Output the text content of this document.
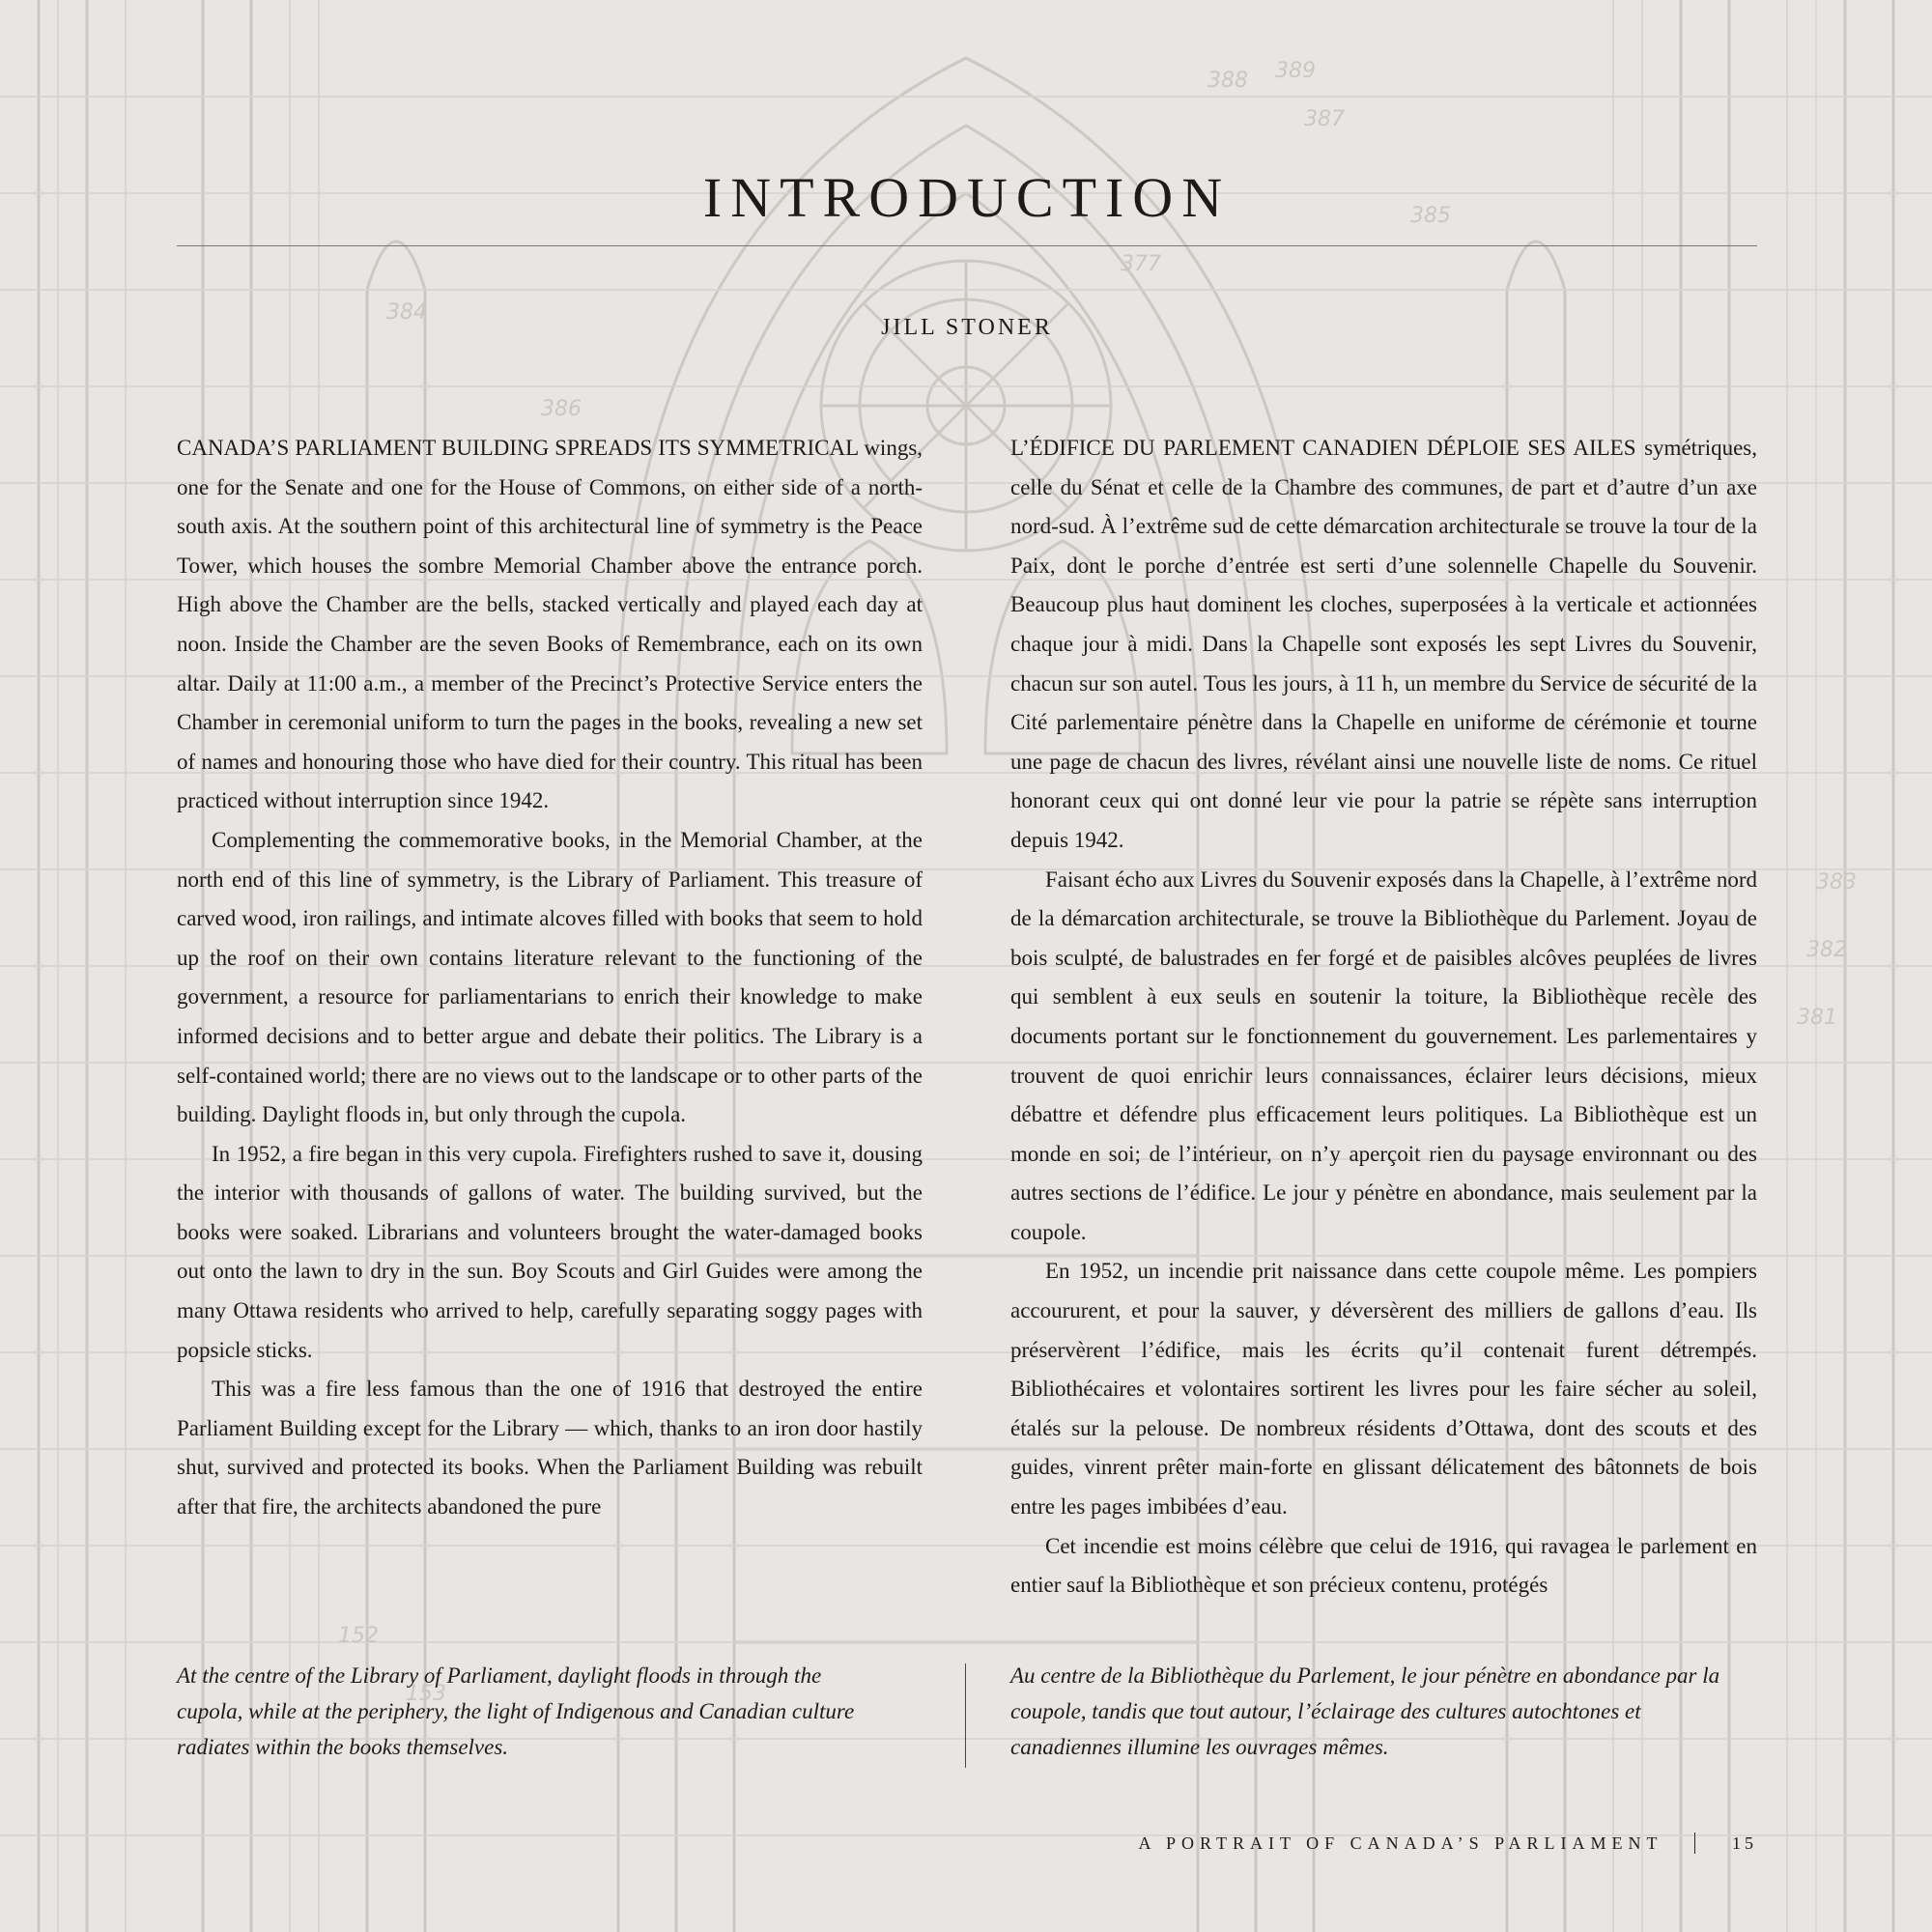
388 389
387
385
384
386
377
383
382
381
152
153
INTRODUCTION
JILL STONER

CANADA’S PARLIAMENT BUILDING SPREADS ITS SYMMETRICAL wings, one for the Senate and one for the House of Commons, on either side of a north-south axis. At the southern point of this architectural line of symmetry is the Peace Tower, which houses the sombre Memorial Chamber above the entrance porch. High above the Chamber are the bells, stacked vertically and played each day at noon. Inside the Chamber are the seven Books of Remembrance, each on its own altar. Daily at 11:00 a.m., a member of the Precinct’s Protective Service enters the Chamber in ceremonial uniform to turn the pages in the books, revealing a new set of names and honouring those who have died for their country. This ritual has been practiced without interruption since 1942.

Complementing the commemorative books, in the Memorial Chamber, at the north end of this line of symmetry, is the Library of Parliament. This treasure of carved wood, iron railings, and intimate alcoves filled with books that seem to hold up the roof on their own contains literature relevant to the functioning of the government, a resource for parliamentarians to enrich their knowledge to make informed decisions and to better argue and debate their politics. The Library is a self-contained world; there are no views out to the landscape or to other parts of the building. Daylight floods in, but only through the cupola.

In 1952, a fire began in this very cupola. Firefighters rushed to save it, dousing the interior with thousands of gallons of water. The building survived, but the books were soaked. Librarians and volunteers brought the water-damaged books out onto the lawn to dry in the sun. Boy Scouts and Girl Guides were among the many Ottawa residents who arrived to help, carefully separating soggy pages with popsicle sticks.

This was a fire less famous than the one of 1916 that destroyed the entire Parliament Building except for the Library — which, thanks to an iron door hastily shut, survived and protected its books. When the Parliament Building was rebuilt after that fire, the architects abandoned the pure

L’ÉDIFICE DU PARLEMENT CANADIEN DÉPLOIE SES AILES symétriques, celle du Sénat et celle de la Chambre des communes, de part et d’autre d’un axe nord-sud. À l’extrême sud de cette démarcation architecturale se trouve la tour de la Paix, dont le porche d’entrée est serti d’une solennelle Chapelle du Souvenir. Beaucoup plus haut dominent les cloches, superposées à la verticale et actionnées chaque jour à midi. Dans la Chapelle sont exposés les sept Livres du Souvenir, chacun sur son autel. Tous les jours, à 11 h, un membre du Service de sécurité de la Cité parlementaire pénètre dans la Chapelle en uniforme de cérémonie et tourne une page de chacun des livres, révélant ainsi une nouvelle liste de noms. Ce rituel honorant ceux qui ont donné leur vie pour la patrie se répète sans interruption depuis 1942.

Faisant écho aux Livres du Souvenir exposés dans la Chapelle, à l’extrême nord de la démarcation architecturale, se trouve la Bibliothèque du Parlement. Joyau de bois sculpté, de balustrades en fer forgé et de paisibles alcôves peuplées de livres qui semblent à eux seuls en soutenir la toiture, la Bibliothèque recèle des documents portant sur le fonctionnement du gouvernement. Les parlementaires y trouvent de quoi enrichir leurs connaissances, éclairer leurs décisions, mieux débattre et défendre plus efficacement leurs politiques. La Bibliothèque est un monde en soi; de l’intérieur, on n’y aperçoit rien du paysage environnant ou des autres sections de l’édifice. Le jour y pénètre en abondance, mais seulement par la coupole.

En 1952, un incendie prit naissance dans cette coupole même. Les pompiers accoururent, et pour la sauver, y déversèrent des milliers de gallons d’eau. Ils préservèrent l’édifice, mais les écrits qu’il contenait furent détrempés. Bibliothécaires et volontaires sortirent les livres pour les faire sécher au soleil, étalés sur la pelouse. De nombreux résidents d’Ottawa, dont des scouts et des guides, vinrent prêter main-forte en glissant délicatement des bâtonnets de bois entre les pages imbibées d’eau.

Cet incendie est moins célèbre que celui de 1916, qui ravagea le parlement en entier sauf la Bibliothèque et son précieux contenu, protégés

At the centre of the Library of Parliament, daylight floods in through the cupola, while at the periphery, the light of Indigenous and Canadian culture radiates within the books themselves.
Au centre de la Bibliothèque du Parlement, le jour pénètre en abondance par la coupole, tandis que tout autour, l’éclairage des cultures autochtones et canadiennes illumine les ouvrages mêmes.
A PORTRAIT OF CANADA’S PARLIAMENT	15
